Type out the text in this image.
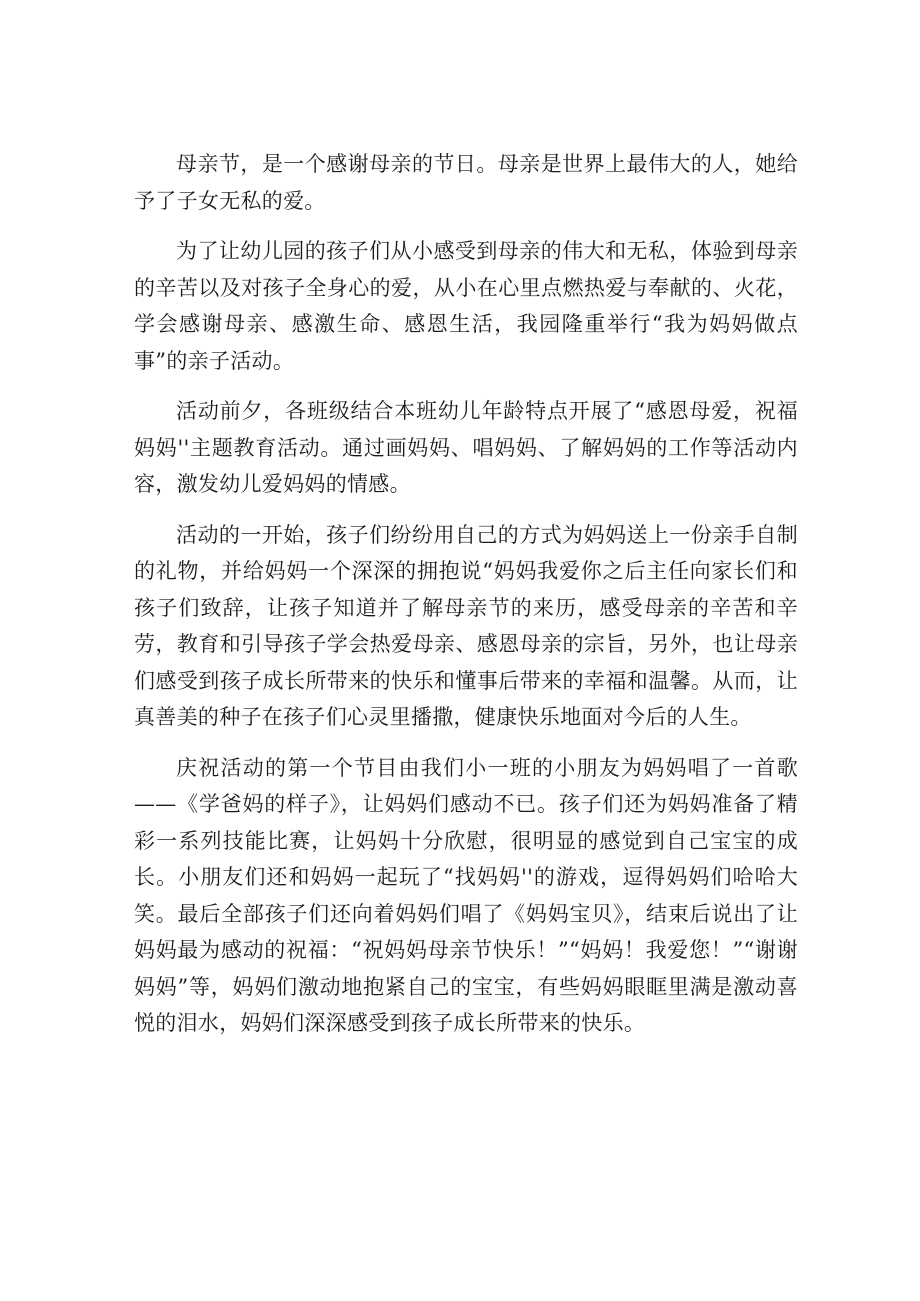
母亲节，是一个感谢母亲的节日。母亲是世界上最伟大的人，她给予了子女无私的爱。

为了让幼儿园的孩子们从小感受到母亲的伟大和无私，体验到母亲的辛苦以及对孩子全身心的爱，从小在心里点燃热爱与奉献的、火花，学会感谢母亲、感激生命、感恩生活，我园隆重举行“我为妈妈做点事”的亲子活动。

活动前夕，各班级结合本班幼儿年龄特点开展了“感恩母爱，祝福妈妈''主题教育活动。通过画妈妈、唱妈妈、了解妈妈的工作等活动内容，激发幼儿爱妈妈的情感。

活动的一开始，孩子们纷纷用自己的方式为妈妈送上一份亲手自制的礼物，并给妈妈一个深深的拥抱说“妈妈我爱你之后主任向家长们和孩子们致辞，让孩子知道并了解母亲节的来历，感受母亲的辛苦和辛劳，教育和引导孩子学会热爱母亲、感恩母亲的宗旨，另外，也让母亲们感受到孩子成长所带来的快乐和懂事后带来的幸福和温馨。从而，让真善美的种子在孩子们心灵里播撒，健康快乐地面对今后的人生。

庆祝活动的第一个节目由我们小一班的小朋友为妈妈唱了一首歌——《学爸妈的样子》，让妈妈们感动不已。孩子们还为妈妈准备了精彩一系列技能比赛，让妈妈十分欣慰，很明显的感觉到自己宝宝的成长。小朋友们还和妈妈一起玩了“找妈妈''的游戏，逗得妈妈们哈哈大笑。最后全部孩子们还向着妈妈们唱了《妈妈宝贝》，结束后说出了让妈妈最为感动的祝福：“祝妈妈母亲节快乐！”“妈妈！我爱您！”“谢谢妈妈”等，妈妈们激动地抱紧自己的宝宝，有些妈妈眼眶里满是激动喜悦的泪水，妈妈们深深感受到孩子成长所带来的快乐。
